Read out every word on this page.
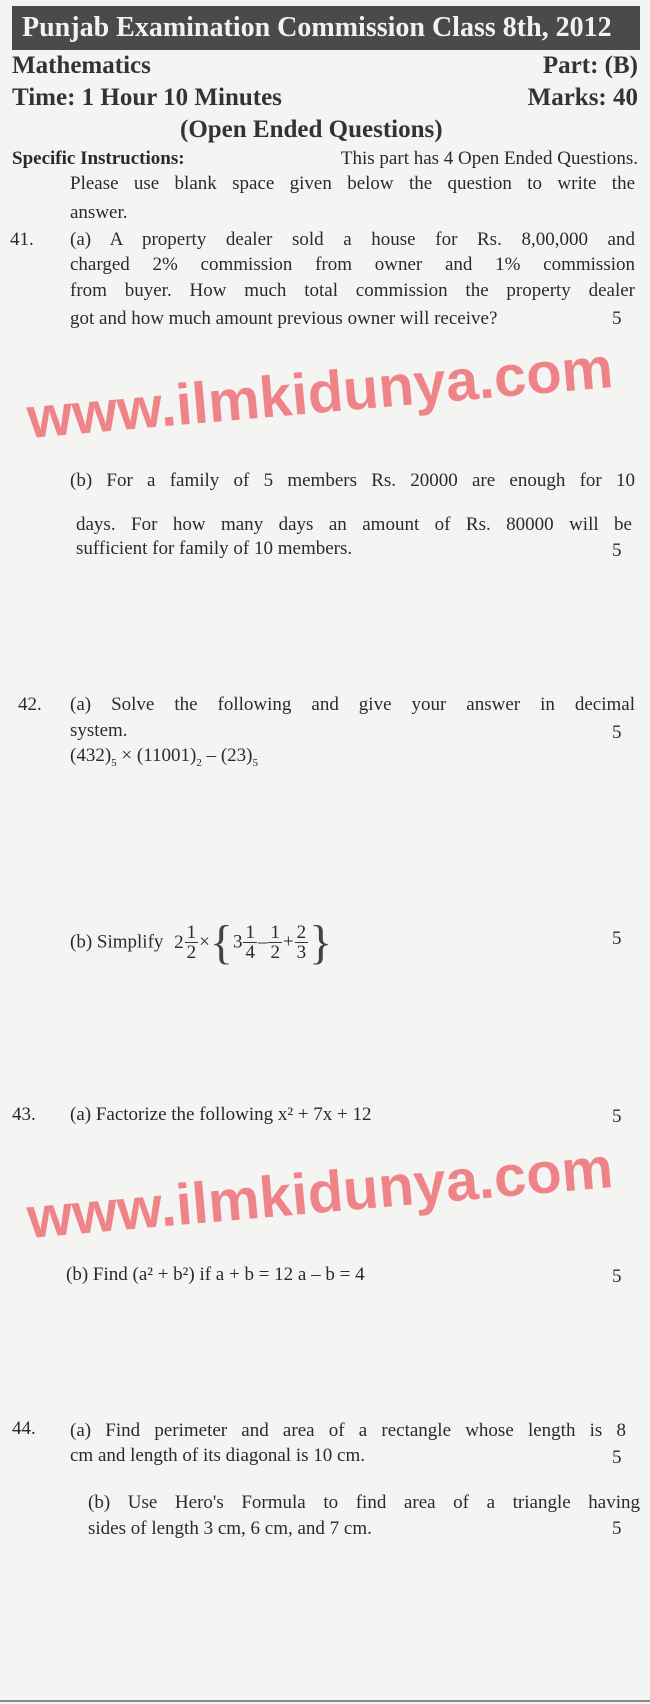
Punjab Examination Commission Class 8th, 2012
Mathematics	Part: (B)
Time: 1 Hour 10 Minutes	Marks: 40
(Open Ended Questions)
Specific Instructions:	This part has 4 Open Ended Questions.
Please use blank space given below the question to write the
answer.
41. (a) A property dealer sold a house for Rs. 8,00,000 and
charged 2% commission from owner and 1% commission
from buyer. How much total commission the property dealer
got and how much amount previous owner will receive?	5
(b) For a family of 5 members Rs. 20000 are enough for 10
days. For how many days an amount of Rs. 80000 will be
sufficient for family of 10 members.	5
42. (a) Solve the following and give your answer in decimal
system.	5
$(432)_5 \times (11001)_2 - (23)_5$
(b) Simplify $2 \frac{1}{2} \times\{3 \frac{1}{4} - \frac{1}{2} + \frac{2}{3}$ }	5
43. (a) Factorize the following x² + 7x + 12	5
(b) Find (a² + b²) if a + b = 12 a – b = 4	5
44. (a) Find perimeter and area of a rectangle whose length is 8
cm and length of its diagonal is 10 cm.	5
(b) Use Hero's Formula to find area of a triangle having
sides of length 3 cm, 6 cm, and 7 cm.	5
www.ilmkidunya.com
www.ilmkidunya.com
